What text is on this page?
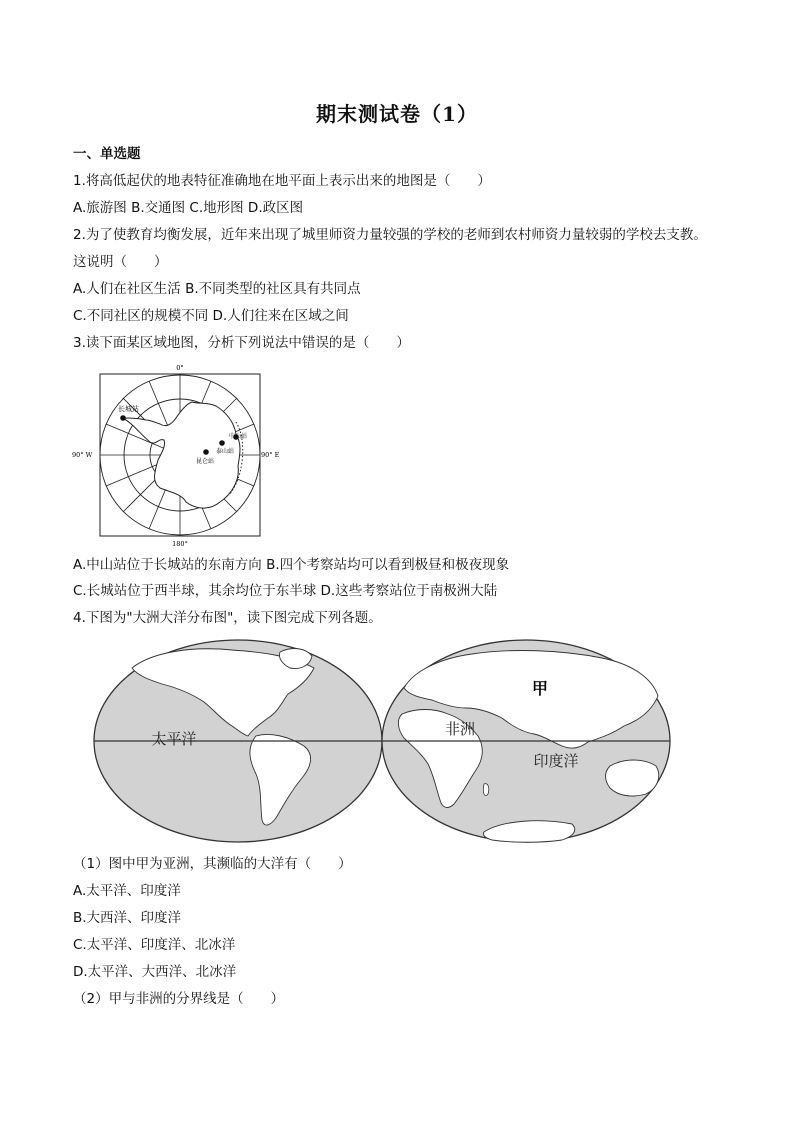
期末测试卷（1）
一、单选题
1.将高低起伏的地表特征准确地在地平面上表示出来的地图是（　　）
A.旅游图 B.交通图 C.地形图 D.政区图
2.为了使教育均衡发展，近年来出现了城里师资力量较强的学校的老师到农村师资力量较弱的学校去支教。
这说明（　　）
A.人们在社区生活 B.不同类型的社区具有共同点
C.不同社区的规模不同 D.人们往来在区域之间
3.读下面某区域地图，分析下列说法中错误的是（　　）
0°
180°
90° W	90° E
长城站
中山站
泰山站
昆仑站
A.中山站位于长城站的东南方向 B.四个考察站均可以看到极昼和极夜现象
C.长城站位于西半球，其余均位于东半球 D.这些考察站位于南极洲大陆
4.下图为"大洲大洋分布图"，读下图完成下列各题。
甲
非洲
太平洋
印度洋
（1）图中甲为亚洲，其濒临的大洋有（　　）
A.太平洋、印度洋
B.大西洋、印度洋
C.太平洋、印度洋、北冰洋
D.太平洋、大西洋、北冰洋
（2）甲与非洲的分界线是（　　）
